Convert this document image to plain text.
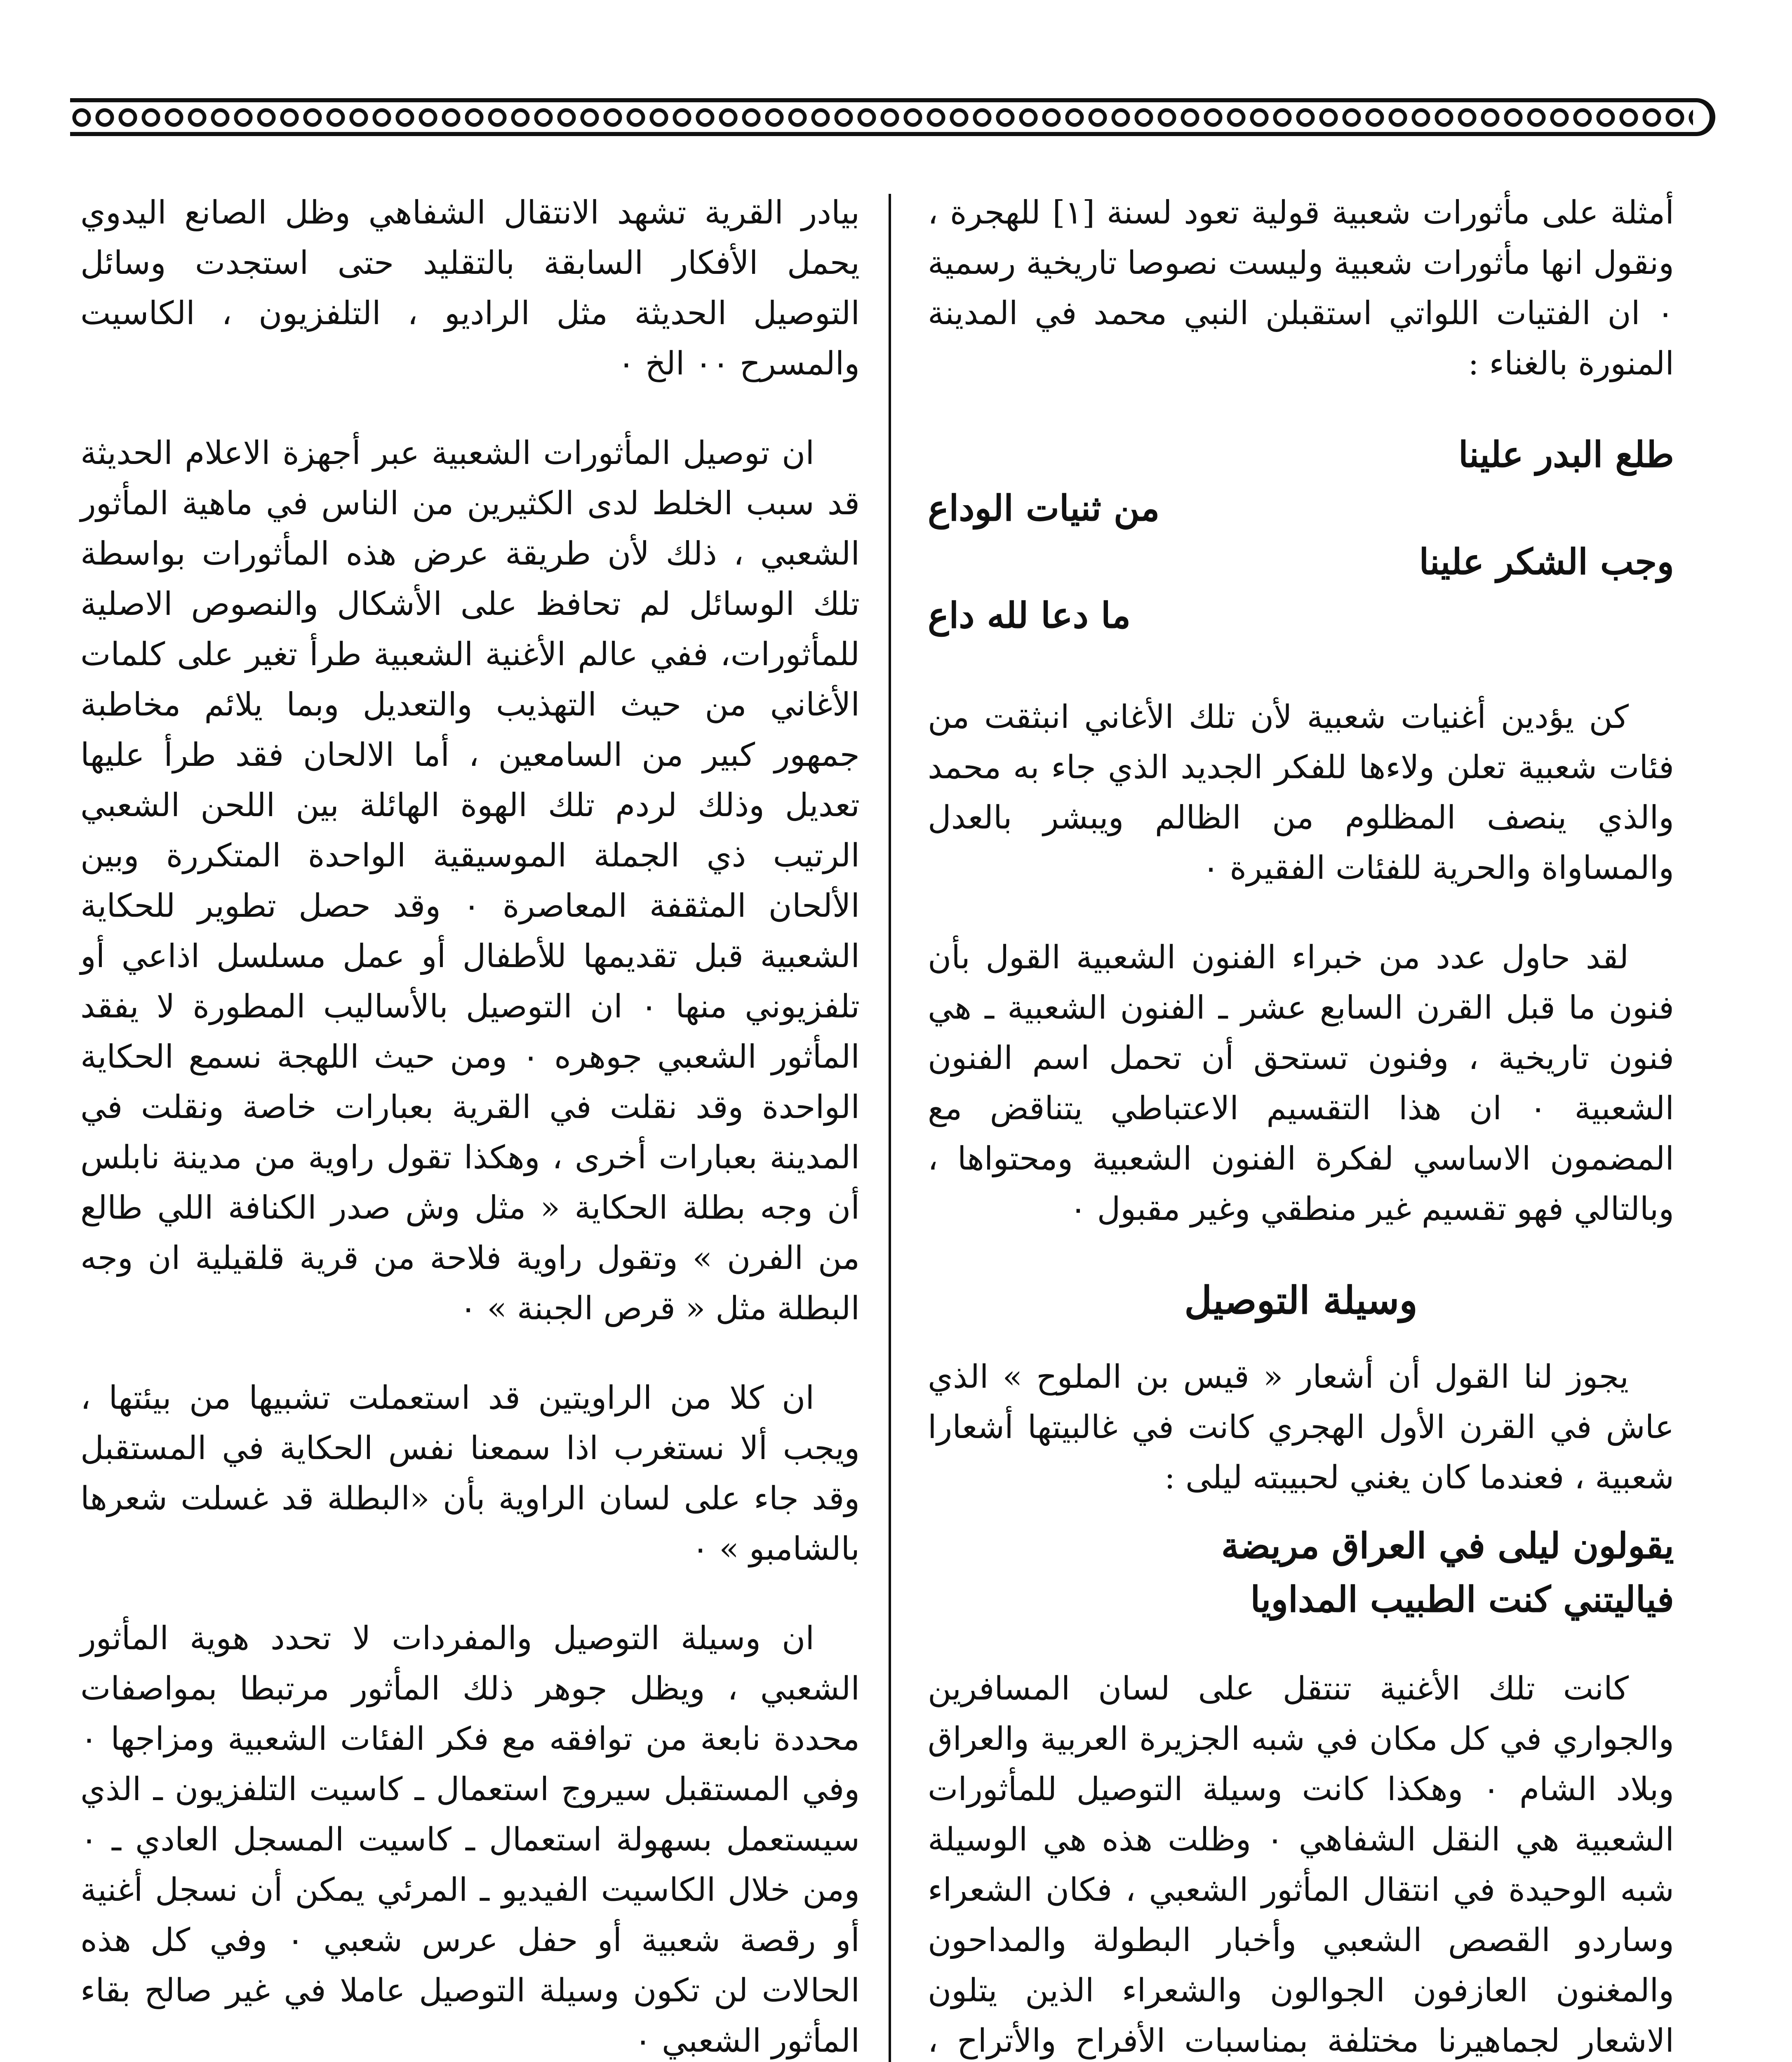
أمثلة على مأثورات شعبية قولية تعود لسنة [١] للهجرة ، ونقول انها مأثورات شعبية وليست نصوصا تاريخية رسمية ٠ ان الفتيات اللواتي استقبلن النبي محمد في المدينة المنورة بالغناء :

طلع البدر علينا
من ثنيات الوداع
وجب الشكر علينا
ما دعا لله داع

كن يؤدين أغنيات شعبية لأن تلك الأغاني انبثقت من فئات شعبية تعلن ولاءها للفكر الجديد الذي جاء به محمد والذي ينصف المظلوم من الظالم ويبشر بالعدل والمساواة والحرية للفئات الفقيرة ٠

لقد حاول عدد من خبراء الفنون الشعبية القول بأن فنون ما قبل القرن السابع عشر ـ الفنون الشعبية ـ هي فنون تاريخية ، وفنون تستحق أن تحمل اسم الفنون الشعبية ٠ ان هذا التقسيم الاعتباطي يتناقض مع المضمون الاساسي لفكرة الفنون الشعبية ومحتواها ، وبالتالي فهو تقسيم غير منطقي وغير مقبول ٠

وسيلة التوصيل

يجوز لنا القول أن أشعار « قيس بن الملوح » الذي عاش في القرن الأول الهجري كانت في غالبيتها أشعارا شعبية ، فعندما كان يغني لحبيبته ليلى :

يقولون ليلى في العراق مريضة
فياليتني كنت الطبيب المداويا

كانت تلك الأغنية تنتقل على لسان المسافرين والجواري في كل مكان في شبه الجزيرة العربية والعراق وبلاد الشام ٠ وهكذا كانت وسيلة التوصيل للمأثورات الشعبية هي النقل الشفاهي ٠ وظلت هذه هي الوسيلة شبه الوحيدة في انتقال المأثور الشعبي ، فكان الشعراء وساردو القصص الشعبي وأخبار البطولة والمداحون والمغنون العازفون الجوالون والشعراء الذين يتلون الاشعار لجماهيرنا مختلفة بمناسبات الأفراح والأتراح ،

بيادر القرية تشهد الانتقال الشفاهي وظل الصانع اليدوي يحمل الأفكار السابقة بالتقليد حتى استجدت وسائل التوصيل الحديثة مثل الراديو ، التلفزيون ، الكاسيت والمسرح ٠٠ الخ ٠

ان توصيل المأثورات الشعبية عبر أجهزة الاعلام الحديثة قد سبب الخلط لدى الكثيرين من الناس في ماهية المأثور الشعبي ، ذلك لأن طريقة عرض هذه المأثورات بواسطة تلك الوسائل لم تحافظ على الأشكال والنصوص الاصلية للمأثورات، ففي عالم الأغنية الشعبية طرأ تغير على كلمات الأغاني من حيث التهذيب والتعديل وبما يلائم مخاطبة جمهور كبير من السامعين ، أما الالحان فقد طرأ عليها تعديل وذلك لردم تلك الهوة الهائلة بين اللحن الشعبي الرتيب ذي الجملة الموسيقية الواحدة المتكررة وبين الألحان المثقفة المعاصرة ٠ وقد حصل تطوير للحكاية الشعبية قبل تقديمها للأطفال أو عمل مسلسل اذاعي أو تلفزيوني منها ٠ ان التوصيل بالأساليب المطورة لا يفقد المأثور الشعبي جوهره ٠ ومن حيث اللهجة نسمع الحكاية الواحدة وقد نقلت في القرية بعبارات خاصة ونقلت في المدينة بعبارات أخرى ، وهكذا تقول راوية من مدينة نابلس أن وجه بطلة الحكاية « مثل وش صدر الكنافة اللي طالع من الفرن » وتقول راوية فلاحة من قرية قلقيلية ان وجه البطلة مثل « قرص الجبنة » ٠

ان كلا من الراويتين قد استعملت تشبيها من بيئتها ، ويجب ألا نستغرب اذا سمعنا نفس الحكاية في المستقبل وقد جاء على لسان الراوية بأن «البطلة قد غسلت شعرها بالشامبو » ٠

ان وسيلة التوصيل والمفردات لا تحدد هوية المأثور الشعبي ، ويظل جوهر ذلك المأثور مرتبطا بمواصفات محددة نابعة من توافقه مع فكر الفئات الشعبية ومزاجها ٠ وفي المستقبل سيروج استعمال ـ كاسيت التلفزيون ـ الذي سيستعمل بسهولة استعمال ـ كاسيت المسجل العادي ـ ٠ ومن خلال الكاسيت الفيديو ـ المرئي يمكن أن نسجل أغنية أو رقصة شعبية أو حفل عرس شعبي ٠ وفي كل هذه الحالات لن تكون وسيلة التوصيل عاملا في غير صالح بقاء المأثور الشعبي ٠
